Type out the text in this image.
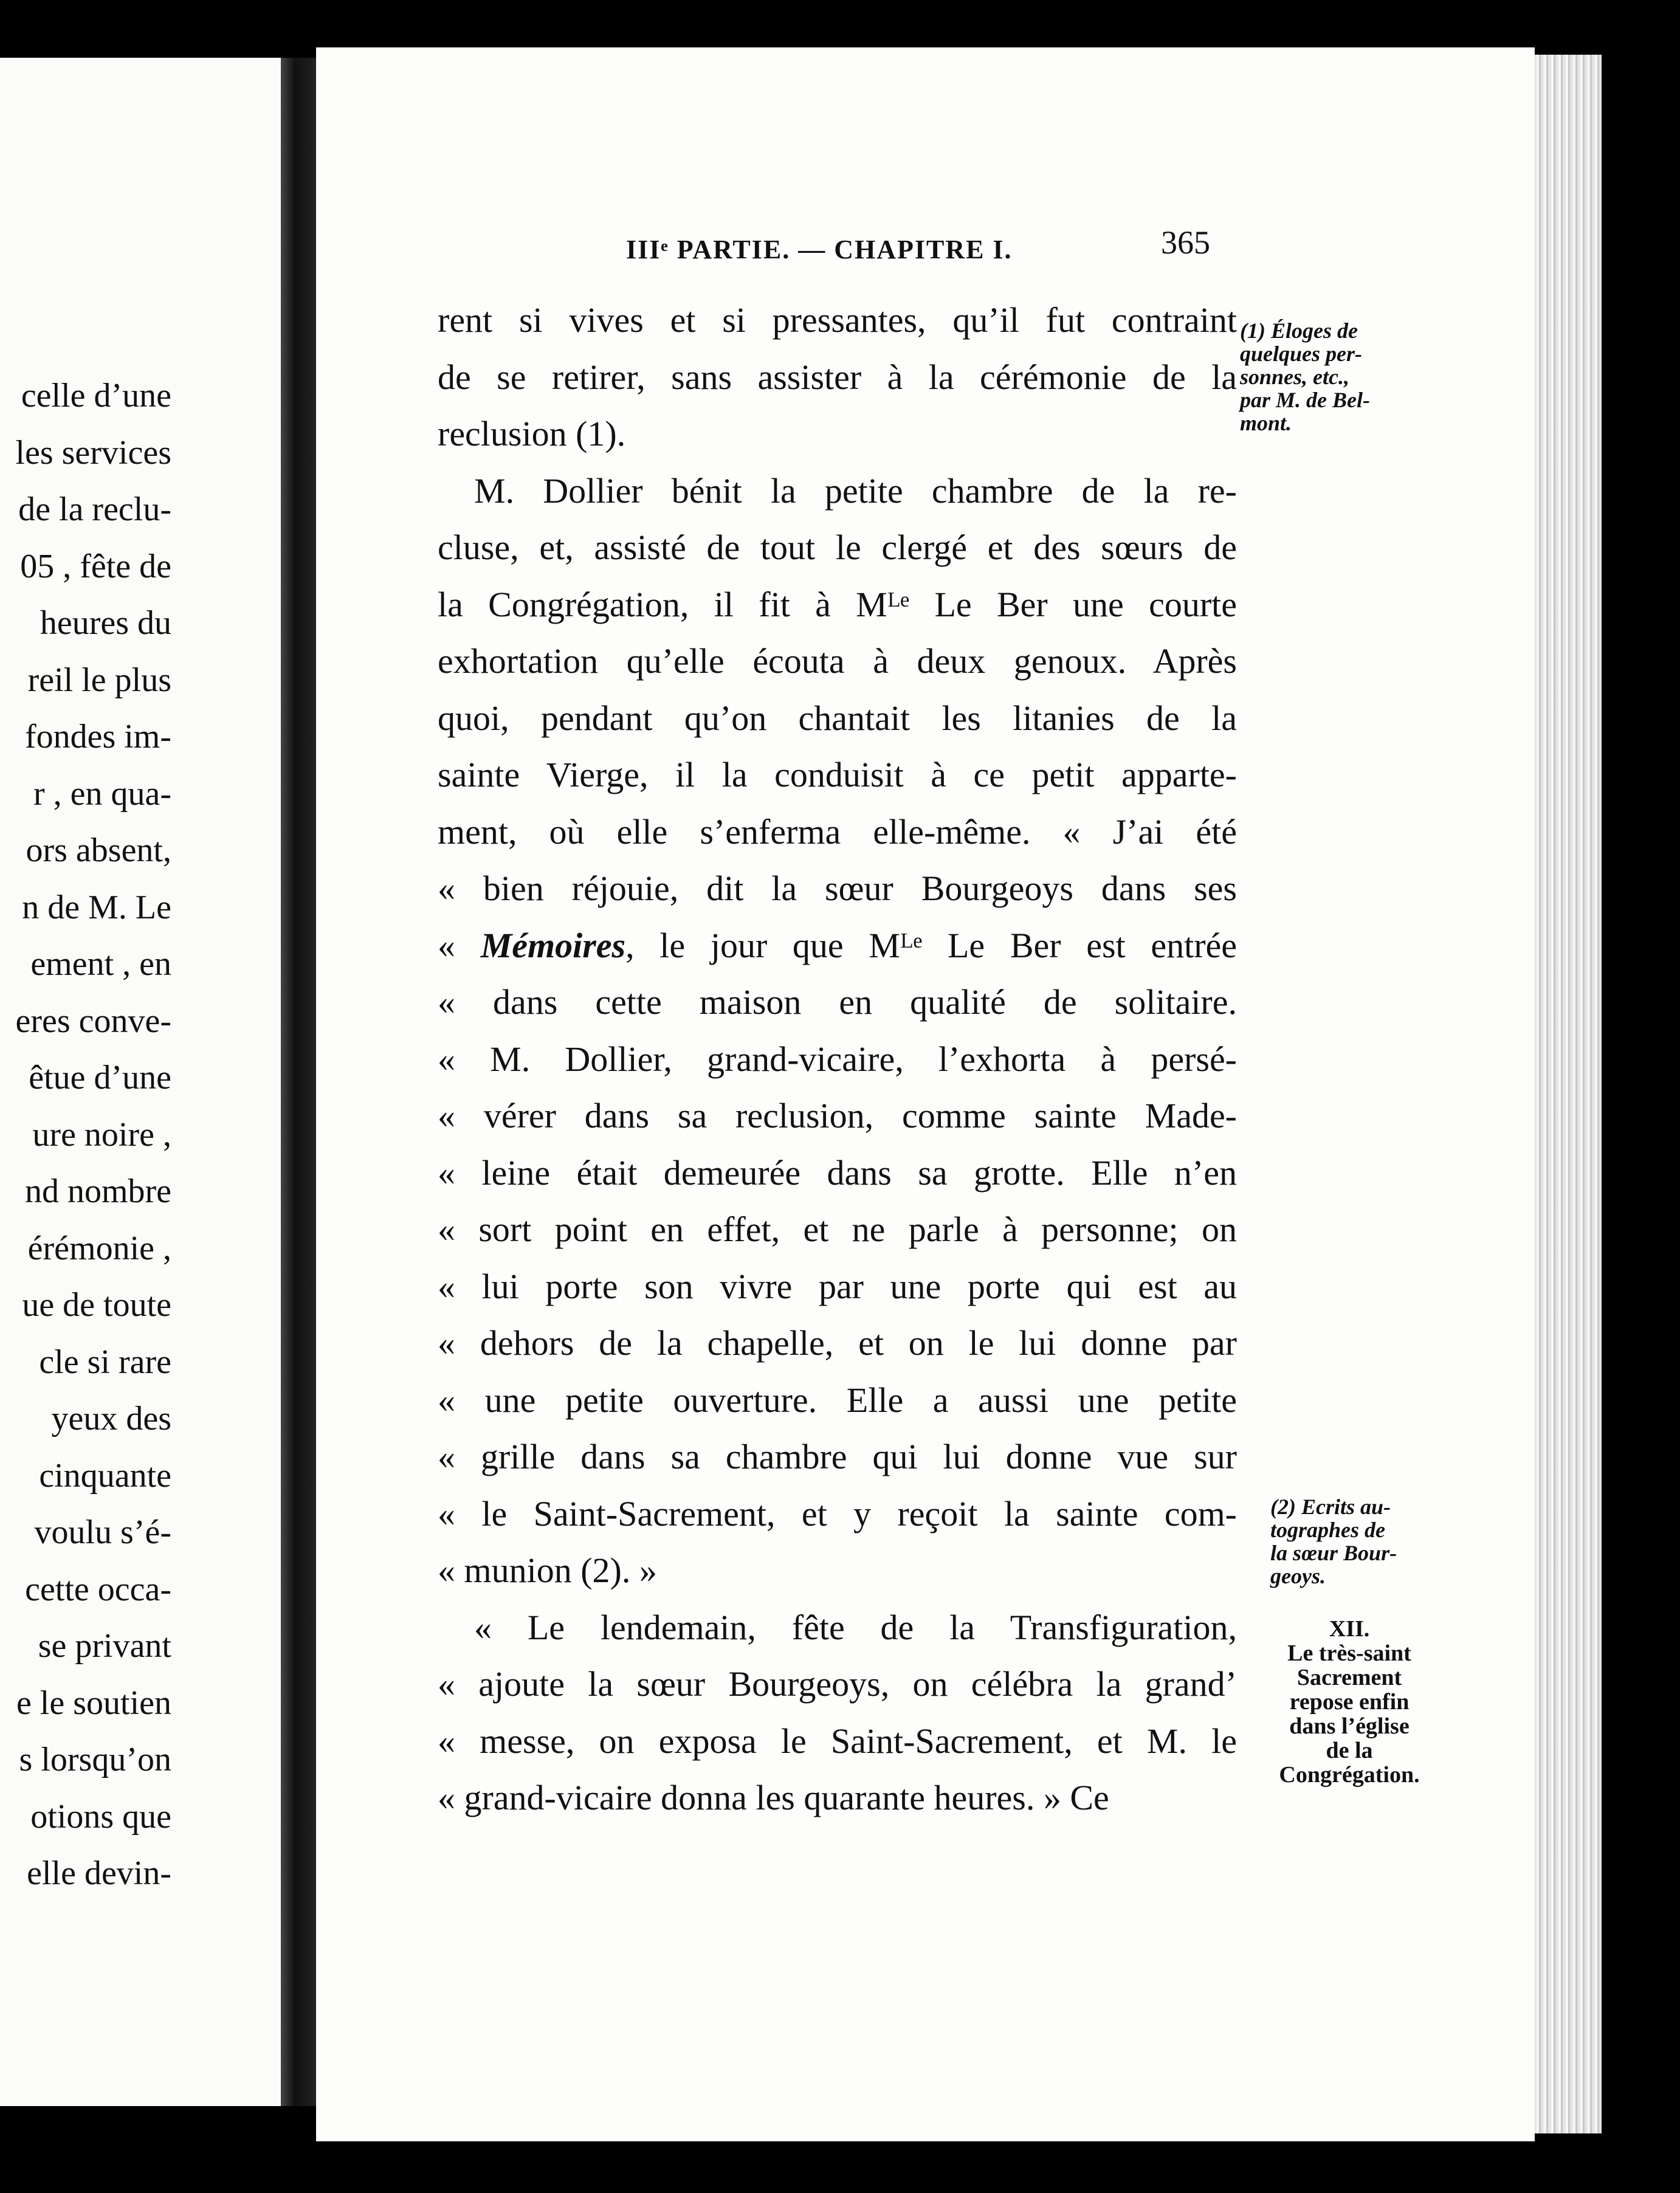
celle d’une
les services
de la reclu-
05 , fête de
heures du
reil le plus
fondes im-
r , en qua-
ors absent,
n de M. Le
ement , en
eres conve-
êtue d’une
ure noire ,
nd nombre
érémonie ,
ue de toute
cle si rare
yeux des
cinquante
voulu s’é-
cette occa-
se privant
e le soutien
s lorsqu’on
otions que
elle devin-
IIIᵉ PARTIE. — CHAPITRE I.	365
rent si vives et si pressantes, qu’il fut contraint
de se retirer, sans assister à la cérémonie de la
reclusion (1).
M. Dollier bénit la petite chambre de la re-
cluse, et, assisté de tout le clergé et des sœurs de
la Congrégation, il fit à Mᴸᵉ Le Ber une courte
exhortation qu’elle écouta à deux genoux. Après
quoi, pendant qu’on chantait les litanies de la
sainte Vierge, il la conduisit à ce petit apparte-
ment, où elle s’enferma elle-même. « J’ai été
« bien réjouie, dit la sœur Bourgeoys dans ses
« Mémoires, le jour que Mᴸᵉ Le Ber est entrée
« dans cette maison en qualité de solitaire.
« M. Dollier, grand-vicaire, l’exhorta à persé-
« vérer dans sa reclusion, comme sainte Made-
« leine était demeurée dans sa grotte. Elle n’en
« sort point en effet, et ne parle à personne; on
« lui porte son vivre par une porte qui est au
« dehors de la chapelle, et on le lui donne par
« une petite ouverture. Elle a aussi une petite
« grille dans sa chambre qui lui donne vue sur
« le Saint-Sacrement, et y reçoit la sainte com-
« munion (2). »
« Le lendemain, fête de la Transfiguration,
« ajoute la sœur Bourgeoys, on célébra la grand’
« messe, on exposa le Saint-Sacrement, et M. le
« grand-vicaire donna les quarante heures. » Ce
(1) Éloges de
quelques per-
sonnes, etc.,
par M. de Bel-
mont.
(2) Ecrits au-
tographes de
la sœur Bour-
geoys.
XII.
Le très-saint
Sacrement
repose enfin
dans l’église
de la
Congrégation.
